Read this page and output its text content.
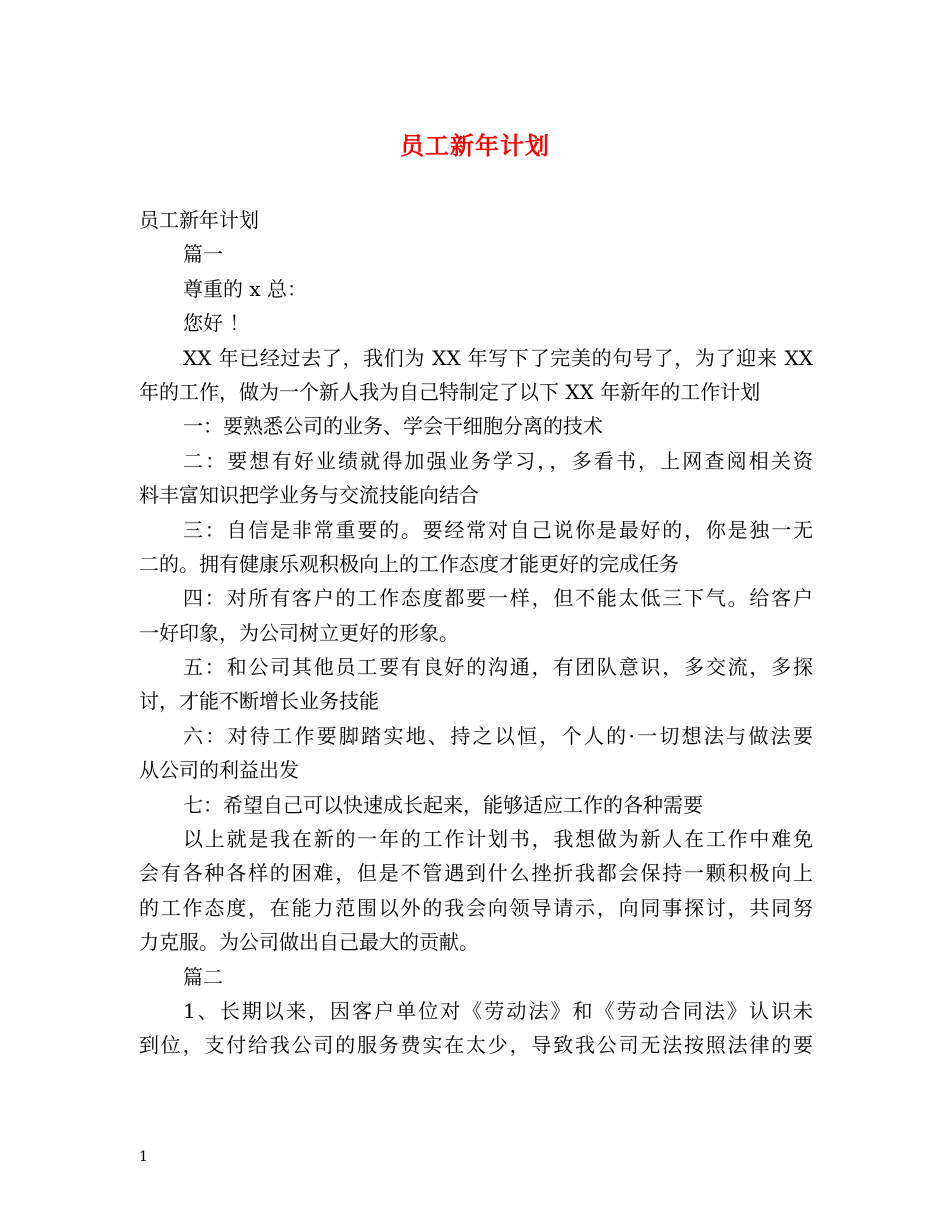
员工新年计划
员工新年计划
篇一
尊重的 x 总：
您好 ！
XX 年已经过去了，我们为 XX 年写下了完美的句号了，为了迎来 XX
年的工作，做为一个新人我为自己特制定了以下 XX 年新年的工作计划
一：要熟悉公司的业务、学会干细胞分离的技术
二：要想有好业绩就得加强业务学习，，多看书，上网查阅相关资
料丰富知识把学业务与交流技能向结合
三：自信是非常重要的。要经常对自己说你是最好的，你是独一无
二的。拥有健康乐观积极向上的工作态度才能更好的完成任务
四：对所有客户的工作态度都要一样，但不能太低三下气。给客户
一好印象，为公司树立更好的形象。
五：和公司其他员工要有良好的沟通，有团队意识，多交流，多探
讨，才能不断增长业务技能
六：对待工作要脚踏实地、持之以恒，个人的·一切想法与做法要
从公司的利益出发
七：希望自己可以快速成长起来，能够适应工作的各种需要
以上就是我在新的一年的工作计划书，我想做为新人在工作中难免
会有各种各样的困难，但是不管遇到什么挫折我都会保持一颗积极向上
的工作态度，在能力范围以外的我会向领导请示，向同事探讨，共同努
力克服。为公司做出自己最大的贡献。
篇二
1、长期以来，因客户单位对《劳动法》和《劳动合同法》认识未
到位，支付给我公司的服务费实在太少，导致我公司无法按照法律的要
1
